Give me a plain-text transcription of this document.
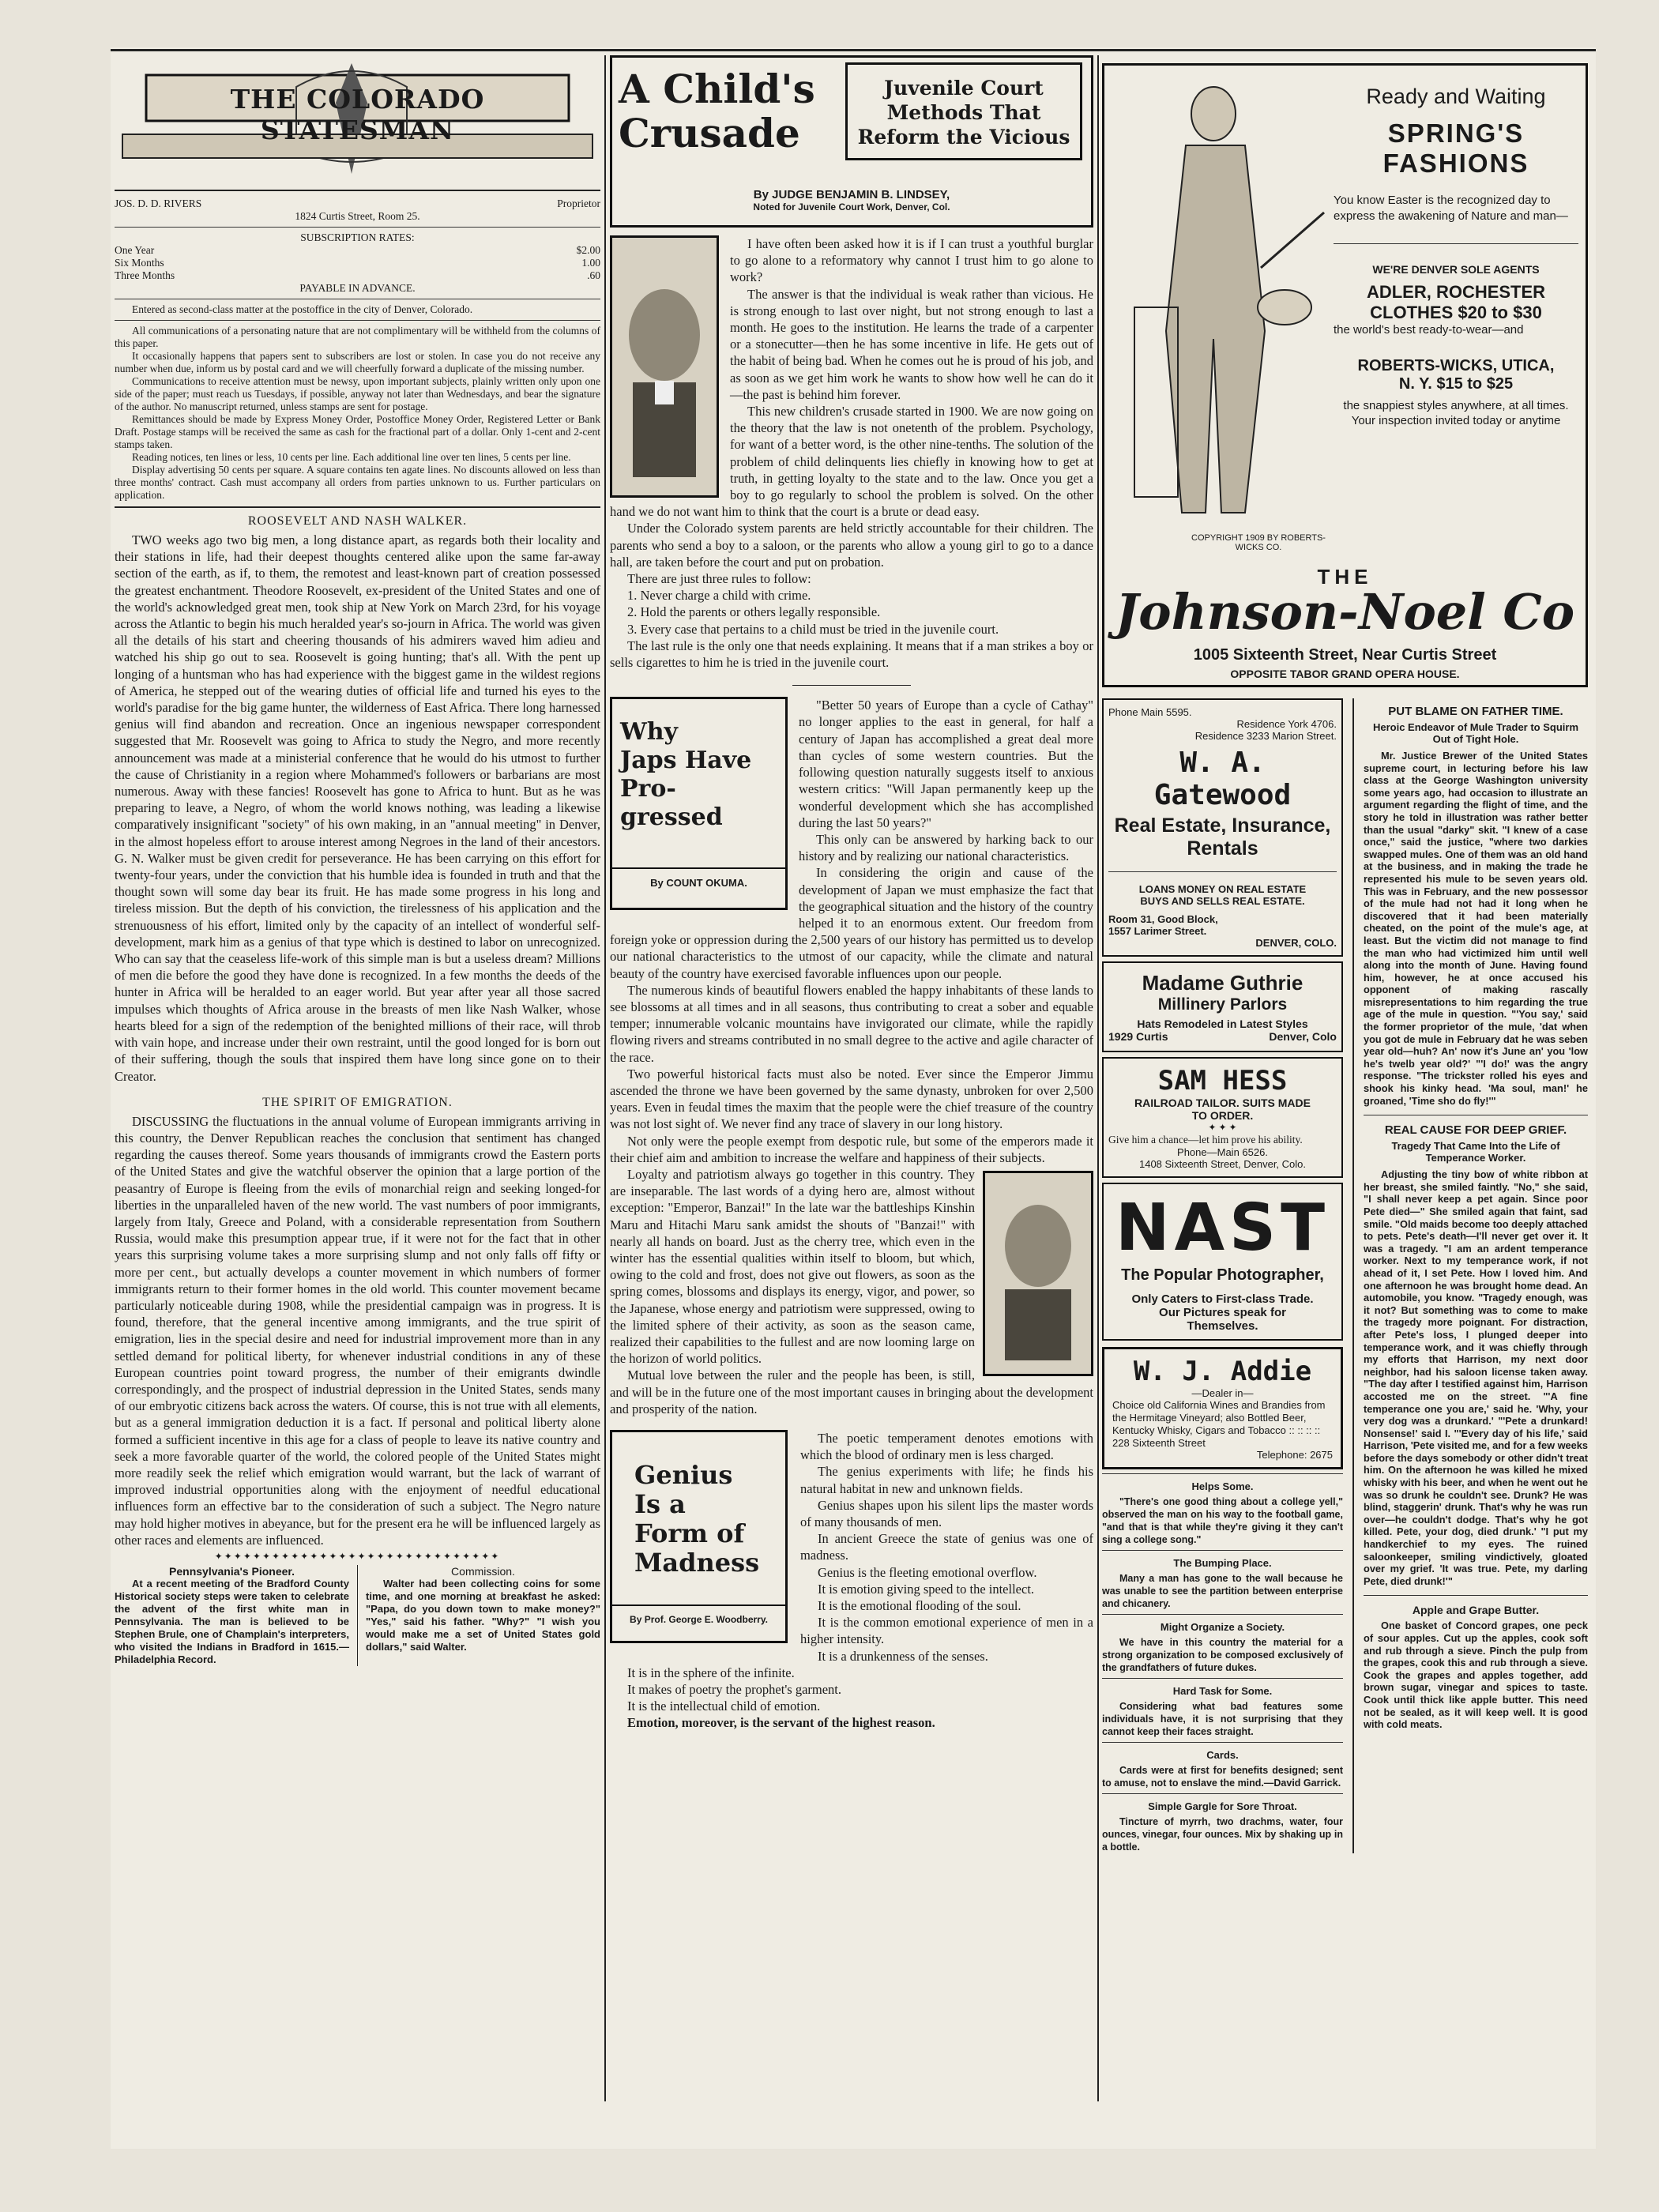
THE COLORADO STATESMAN
JOS. D. D. RIVERS	Proprietor
1824 Curtis Street, Room 25.
SUBSCRIPTION RATES:
One Year	$2.00
Six Months	1.00
Three Months	.60
PAYABLE IN ADVANCE.

Entered as second-class matter at the postoffice in the city of Denver, Colorado.

All communications of a personating nature that are not complimentary will be withheld from the columns of this paper.

It occasionally happens that papers sent to subscribers are lost or stolen. In case you do not receive any number when due, inform us by postal card and we will cheerfully forward a duplicate of the missing number.

Communications to receive attention must be newsy, upon important subjects, plainly written only upon one side of the paper; must reach us Tuesdays, if possible, anyway not later than Wednesdays, and bear the signature of the author. No manuscript returned, unless stamps are sent for postage.

Remittances should be made by Express Money Order, Postoffice Money Order, Registered Letter or Bank Draft. Postage stamps will be received the same as cash for the fractional part of a dollar. Only 1-cent and 2-cent stamps taken.

Reading notices, ten lines or less, 10 cents per line. Each additional line over ten lines, 5 cents per line.

Display advertising 50 cents per square. A square contains ten agate lines. No discounts allowed on less than three months' contract. Cash must accompany all orders from parties unknown to us. Further particulars on application.

ROOSEVELT AND NASH WALKER.

TWO weeks ago two big men, a long distance apart, as regards both their locality and their stations in life, had their deepest thoughts centered alike upon the same far-away section of the earth, as if, to them, the remotest and least-known part of creation possessed the greatest enchantment. Theodore Roosevelt, ex-president of the United States and one of the world's acknowledged great men, took ship at New York on March 23rd, for his voyage across the Atlantic to begin his much heralded year's so-journ in Africa. The world was given all the details of his start and cheering thousands of his admirers waved him adieu and watched his ship go out to sea. Roosevelt is going hunting; that's all. With the pent up longing of a huntsman who has had experience with the biggest game in the wildest regions of America, he stepped out of the wearing duties of official life and turned his eyes to the world's paradise for the big game hunter, the wilderness of East Africa. There long harnessed genius will find abandon and recreation. Once an ingenious newspaper correspondent suggested that Mr. Roosevelt was going to Africa to study the Negro, and more recently announcement was made at a ministerial conference that he would do his utmost to further the cause of Christianity in a region where Mohammed's followers or barbarians are most numerous. Away with these fancies! Roosevelt has gone to Africa to hunt. But as he was preparing to leave, a Negro, of whom the world knows nothing, was leading a likewise comparatively insignificant "society" of his own making, in an "annual meeting" in Denver, in the almost hopeless effort to arouse interest among Negroes in the land of their ancestors. G. N. Walker must be given credit for perseverance. He has been carrying on this effort for twenty-four years, under the conviction that his humble idea is founded in truth and that the thought sown will some day bear its fruit. He has made some progress in his long and tireless mission. But the depth of his conviction, the tirelessness of his application and the strenuousness of his effort, limited only by the capacity of an intellect of wonderful self-development, mark him as a genius of that type which is destined to labor on unrecognized. Who can say that the ceaseless life-work of this simple man is but a useless dream? Millions of men die before the good they have done is recognized. In a few months the deeds of the hunter in Africa will be heralded to an eager world. But year after year all those sacred impulses which thoughts of Africa arouse in the breasts of men like Nash Walker, whose hearts bleed for a sign of the redemption of the benighted millions of their race, will throb with vain hope, and increase under their own restraint, until the good longed for is born out of their suffering, though the souls that inspired them have long since gone on to their Creator.

THE SPIRIT OF EMIGRATION.

DISCUSSING the fluctuations in the annual volume of European immigrants arriving in this country, the Denver Republican reaches the conclusion that sentiment has changed regarding the causes thereof. Some years thousands of immigrants crowd the Eastern ports of the United States and give the watchful observer the opinion that a large portion of the peasantry of Europe is fleeing from the evils of monarchial reign and seeking longed-for liberties in the unparalleled haven of the new world. The vast numbers of poor immigrants, largely from Italy, Greece and Poland, with a considerable representation from Southern Russia, would make this presumption appear true, if it were not for the fact that in other years this surprising volume takes a more surprising slump and not only falls off fifty or more per cent., but actually develops a counter movement in which numbers of former immigrants return to their former homes in the old world. This counter movement became particularly noticeable during 1908, while the presidential campaign was in progress. It is found, therefore, that the general incentive among immigrants, and the true spirit of emigration, lies in the special desire and need for industrial improvement more than in any settled demand for political liberty, for whenever industrial conditions in any of these European countries point toward progress, the number of their emigrants dwindle correspondingly, and the prospect of industrial depression in the United States, sends many of our embryotic citizens back across the waters. Of course, this is not true with all elements, but as a general immigration deduction it is a fact. If personal and political liberty alone formed a sufficient incentive in this age for a class of people to leave its native country and seek a more favorable quarter of the world, the colored people of the United States might more readily seek the relief which emigration would warrant, but the lack of warrant of improved industrial opportunities along with the enjoyment of needful educational influences form an effective bar to the consideration of such a subject. The Negro nature may hold higher motives in abeyance, but for the present era he will be influenced largely as other races and elements are influenced.

✦✦✦✦✦✦✦✦✦✦✦✦✦✦✦✦✦✦✦✦✦✦✦✦✦✦✦✦✦✦
Pennsylvania's Pioneer.

At a recent meeting of the Bradford County Historical society steps were taken to celebrate the advent of the first white man in Pennsylvania. The man is believed to be Stephen Brule, one of Champlain's interpreters, who visited the Indians in Bradford in 1615.—Philadelphia Record.

Commission.

Walter had been collecting coins for some time, and one morning at breakfast he asked: "Papa, do you down town to make money?" "Yes," said his father. "Why?" "I wish you would make me a set of United States gold dollars," said Walter.

A Child's
Crusade
Juvenile Court
Methods That
Reform the Vicious
By JUDGE BENJAMIN B. LINDSEY,
Noted for Juvenile Court Work, Denver, Col.

I have often been asked how it is if I can trust a youthful burglar to go alone to a reformatory why cannot I trust him to go alone to work?

The answer is that the individual is weak rather than vicious. He is strong enough to last over night, but not strong enough to last a month. He goes to the institution. He learns the trade of a carpenter or a stonecutter—then he has some incentive in life. He gets out of the habit of being bad. When he comes out he is proud of his job, and as soon as we get him work he wants to show how well he can do it—the past is behind him forever.

This new children's crusade started in 1900. We are now going on the theory that the law is not onetenth of the problem. Psychology, for want of a better word, is the other nine-tenths. The solution of the problem of child delinquents lies chiefly in knowing how to get at truth, in getting loyalty to the state and to the law. Once you get a boy to go regularly to school the problem is solved. On the other hand we do not want him to think that the court is a brute or dead easy.

Under the Colorado system parents are held strictly accountable for their children. The parents who send a boy to a saloon, or the parents who allow a young girl to go to a dance hall, are taken before the court and put on probation.

There are just three rules to follow:

1. Never charge a child with crime.
2. Hold the parents or others legally responsible.
3. Every case that pertains to a child must be tried in the juvenile court.

The last rule is the only one that needs explaining. It means that if a man strikes a boy or sells cigarettes to him he is tried in the juvenile court.

Why
Japs Have
Pro-
gressed
By COUNT OKUMA.

"Better 50 years of Europe than a cycle of Cathay" no longer applies to the east in general, for half a century of Japan has accomplished a great deal more than cycles of some western countries. But the following question naturally suggests itself to anxious western critics: "Will Japan permanently keep up the wonderful development which she has accomplished during the last 50 years?"

This only can be answered by harking back to our history and by realizing our national characteristics.

In considering the origin and cause of the development of Japan we must emphasize the fact that the geographical situation and the history of the country helped it to an enormous extent. Our freedom from foreign yoke or oppression during the 2,500 years of our history has permitted us to develop our national characteristics to the utmost of our capacity, while the climate and natural beauty of the country have exercised favorable influences upon our people.

The numerous kinds of beautiful flowers enabled the happy inhabitants of these lands to see blossoms at all times and in all seasons, thus contributing to creat a sober and equable temper; innumerable volcanic mountains have invigorated our climate, while the rapidly flowing rivers and streams contributed in no small degree to the active and agile character of the race.

Two powerful historical facts must also be noted. Ever since the Emperor Jimmu ascended the throne we have been governed by the same dynasty, unbroken for over 2,500 years. Even in feudal times the maxim that the people were the chief treasure of the country was not lost sight of. We never find any trace of slavery in our long history.

Not only were the people exempt from despotic rule, but some of the emperors made it their chief aim and ambition to increase the welfare and happiness of their subjects.

Loyalty and patriotism always go together in this country. They are inseparable. The last words of a dying hero are, almost without exception: "Emperor, Banzai!" In the late war the battleships Kinshin Maru and Hitachi Maru sank amidst the shouts of "Banzai!" with nearly all hands on board. Just as the cherry tree, which even in the winter has the essential qualities within itself to bloom, but which, owing to the cold and frost, does not give out flowers, as soon as the spring comes, blossoms and displays its energy, vigor, and power, so the Japanese, whose energy and patriotism were suppressed, owing to the limited sphere of their activity, as soon as the season came, realized their capabilities to the fullest and are now looming large on the horizon of world politics.

Mutual love between the ruler and the people has been, is still, and will be in the future one of the most important causes in bringing about the development and prosperity of the nation.

Genius
Is a
Form of
Madness
By Prof. George E. Woodberry.

The poetic temperament denotes emotions with which the blood of ordinary men is less charged.

The genius experiments with life; he finds his natural habitat in new and unknown fields.

Genius shapes upon his silent lips the master words of many thousands of men.

In ancient Greece the state of genius was one of madness.

Genius is the fleeting emotional overflow.

It is emotion giving speed to the intellect.

It is the emotional flooding of the soul.

It is the common emotional experience of men in a higher intensity.

It is a drunkenness of the senses.

It is in the sphere of the infinite.

It makes of poetry the prophet's garment.

It is the intellectual child of emotion.

Emotion, moreover, is the servant of the highest reason.

Ready and Waiting
SPRING'S
FASHIONS
You know Easter is the recognized day to express the awakening of Nature and man—
WE'RE DENVER SOLE AGENTS
ADLER, ROCHESTER
CLOTHES $20 to $30
the world's best ready-to-wear—and
ROBERTS-WICKS, UTICA,
N. Y. $15 to $25
the snappiest styles anywhere, at all times. Your inspection invited today or anytime
COPYRIGHT 1909 BY ROBERTS-WICKS CO.
THE
Johnson-Noel Co
1005 Sixteenth Street, Near Curtis Street
OPPOSITE TABOR GRAND OPERA HOUSE.
Phone Main 5595.
Residence York 4706.
Residence 3233 Marion Street.
W. A. Gatewood
Real Estate, Insurance,
Rentals
LOANS MONEY ON REAL ESTATE
BUYS AND SELLS REAL ESTATE.
Room 31, Good Block,
1557 Larimer Street.
DENVER, COLO.
Madame Guthrie
Millinery Parlors
Hats Remodeled in Latest Styles
1929 Curtis	Denver, Colo
SAM HESS
RAILROAD TAILOR. SUITS MADE
TO ORDER.
✦ ✦ ✦
Give him a chance—let him prove his ability.
Phone—Main 6526.
1408 Sixteenth Street, Denver, Colo.
NAST
The Popular Photographer,
Only Caters to First-class Trade.
Our Pictures speak for
Themselves.
W. J. Addie
—Dealer in—
Choice old California Wines and Brandies from the Hermitage Vineyard; also Bottled Beer, Kentucky Whisky, Cigars and Tobacco :: :: :: ::
228 Sixteenth Street
Telephone: 2675
Helps Some.

"There's one good thing about a college yell," observed the man on his way to the football game, "and that is that while they're giving it they can't sing a college song."

The Bumping Place.

Many a man has gone to the wall because he was unable to see the partition between enterprise and chicanery.

Might Organize a Society.

We have in this country the material for a strong organization to be composed exclusively of the grandfathers of future dukes.

Hard Task for Some.

Considering what bad features some individuals have, it is not surprising that they cannot keep their faces straight.

Cards.

Cards were at first for benefits designed; sent to amuse, not to enslave the mind.—David Garrick.

Simple Gargle for Sore Throat.

Tincture of myrrh, two drachms, water, four ounces, vinegar, four ounces. Mix by shaking up in a bottle.

PUT BLAME ON FATHER TIME.
Heroic Endeavor of Mule Trader to Squirm Out of Tight Hole.

Mr. Justice Brewer of the United States supreme court, in lecturing before his law class at the George Washington university some years ago, had occasion to illustrate an argument regarding the flight of time, and the story he told in illustration was rather better than the usual "darky" skit. "I knew of a case once," said the justice, "where two darkies swapped mules. One of them was an old hand at the business, and in making the trade he represented his mule to be seven years old. This was in February, and the new possessor of the mule had not had it long when he discovered that it had been materially cheated, on the point of the mule's age, at least. But the victim did not manage to find the man who had victimized him until well along into the month of June. Having found him, however, he at once accused his opponent of making rascally misrepresentations to him regarding the true age of the mule in question. "'You say,' said the former proprietor of the mule, 'dat when you got de mule in February dat he was seben year old—huh? An' now it's June an' you 'low he's twelb year old?' "'I do!' was the angry response. "The trickster rolled his eyes and shook his kinky head. 'Ma soul, man!' he groaned, 'Time sho do fly!'"

REAL CAUSE FOR DEEP GRIEF.
Tragedy That Came Into the Life of Temperance Worker.

Adjusting the tiny bow of white ribbon at her breast, she smiled faintly. "No," she said, "I shall never keep a pet again. Since poor Pete died—" She smiled again that faint, sad smile. "Old maids become too deeply attached to pets. Pete's death—I'll never get over it. It was a tragedy. "I am an ardent temperance worker. Next to my temperance work, if not ahead of it, I set Pete. How I loved him. And one afternoon he was brought home dead. An automobile, you know. "Tragedy enough, was it not? But something was to come to make the tragedy more poignant. For distraction, after Pete's loss, I plunged deeper into temperance work, and it was chiefly through my efforts that Harrison, my next door neighbor, had his saloon license taken away. "The day after I testified against him, Harrison accosted me on the street. "'A fine temperance one you are,' said he. 'Why, your very dog was a drunkard.' "'Pete a drunkard! Nonsense!' said I. "'Every day of his life,' said Harrison, 'Pete visited me, and for a few weeks before the days somebody or other didn't treat him. On the afternoon he was killed he mixed whisky with his beer, and when he went out he was so drunk he couldn't see. Drunk? He was blind, staggerin' drunk. That's why he was run over—he couldn't dodge. That's why he got killed. Pete, your dog, died drunk.' "I put my handkerchief to my eyes. The ruined saloonkeeper, smiling vindictively, gloated over my grief. 'It was true. Pete, my darling Pete, died drunk!'"

Apple and Grape Butter.

One basket of Concord grapes, one peck of sour apples. Cut up the apples, cook soft and rub through a sieve. Pinch the pulp from the grapes, cook this and rub through a sieve. Cook the grapes and apples together, add brown sugar, vinegar and spices to taste. Cook until thick like apple butter. This need not be sealed, as it will keep well. It is good with cold meats.
